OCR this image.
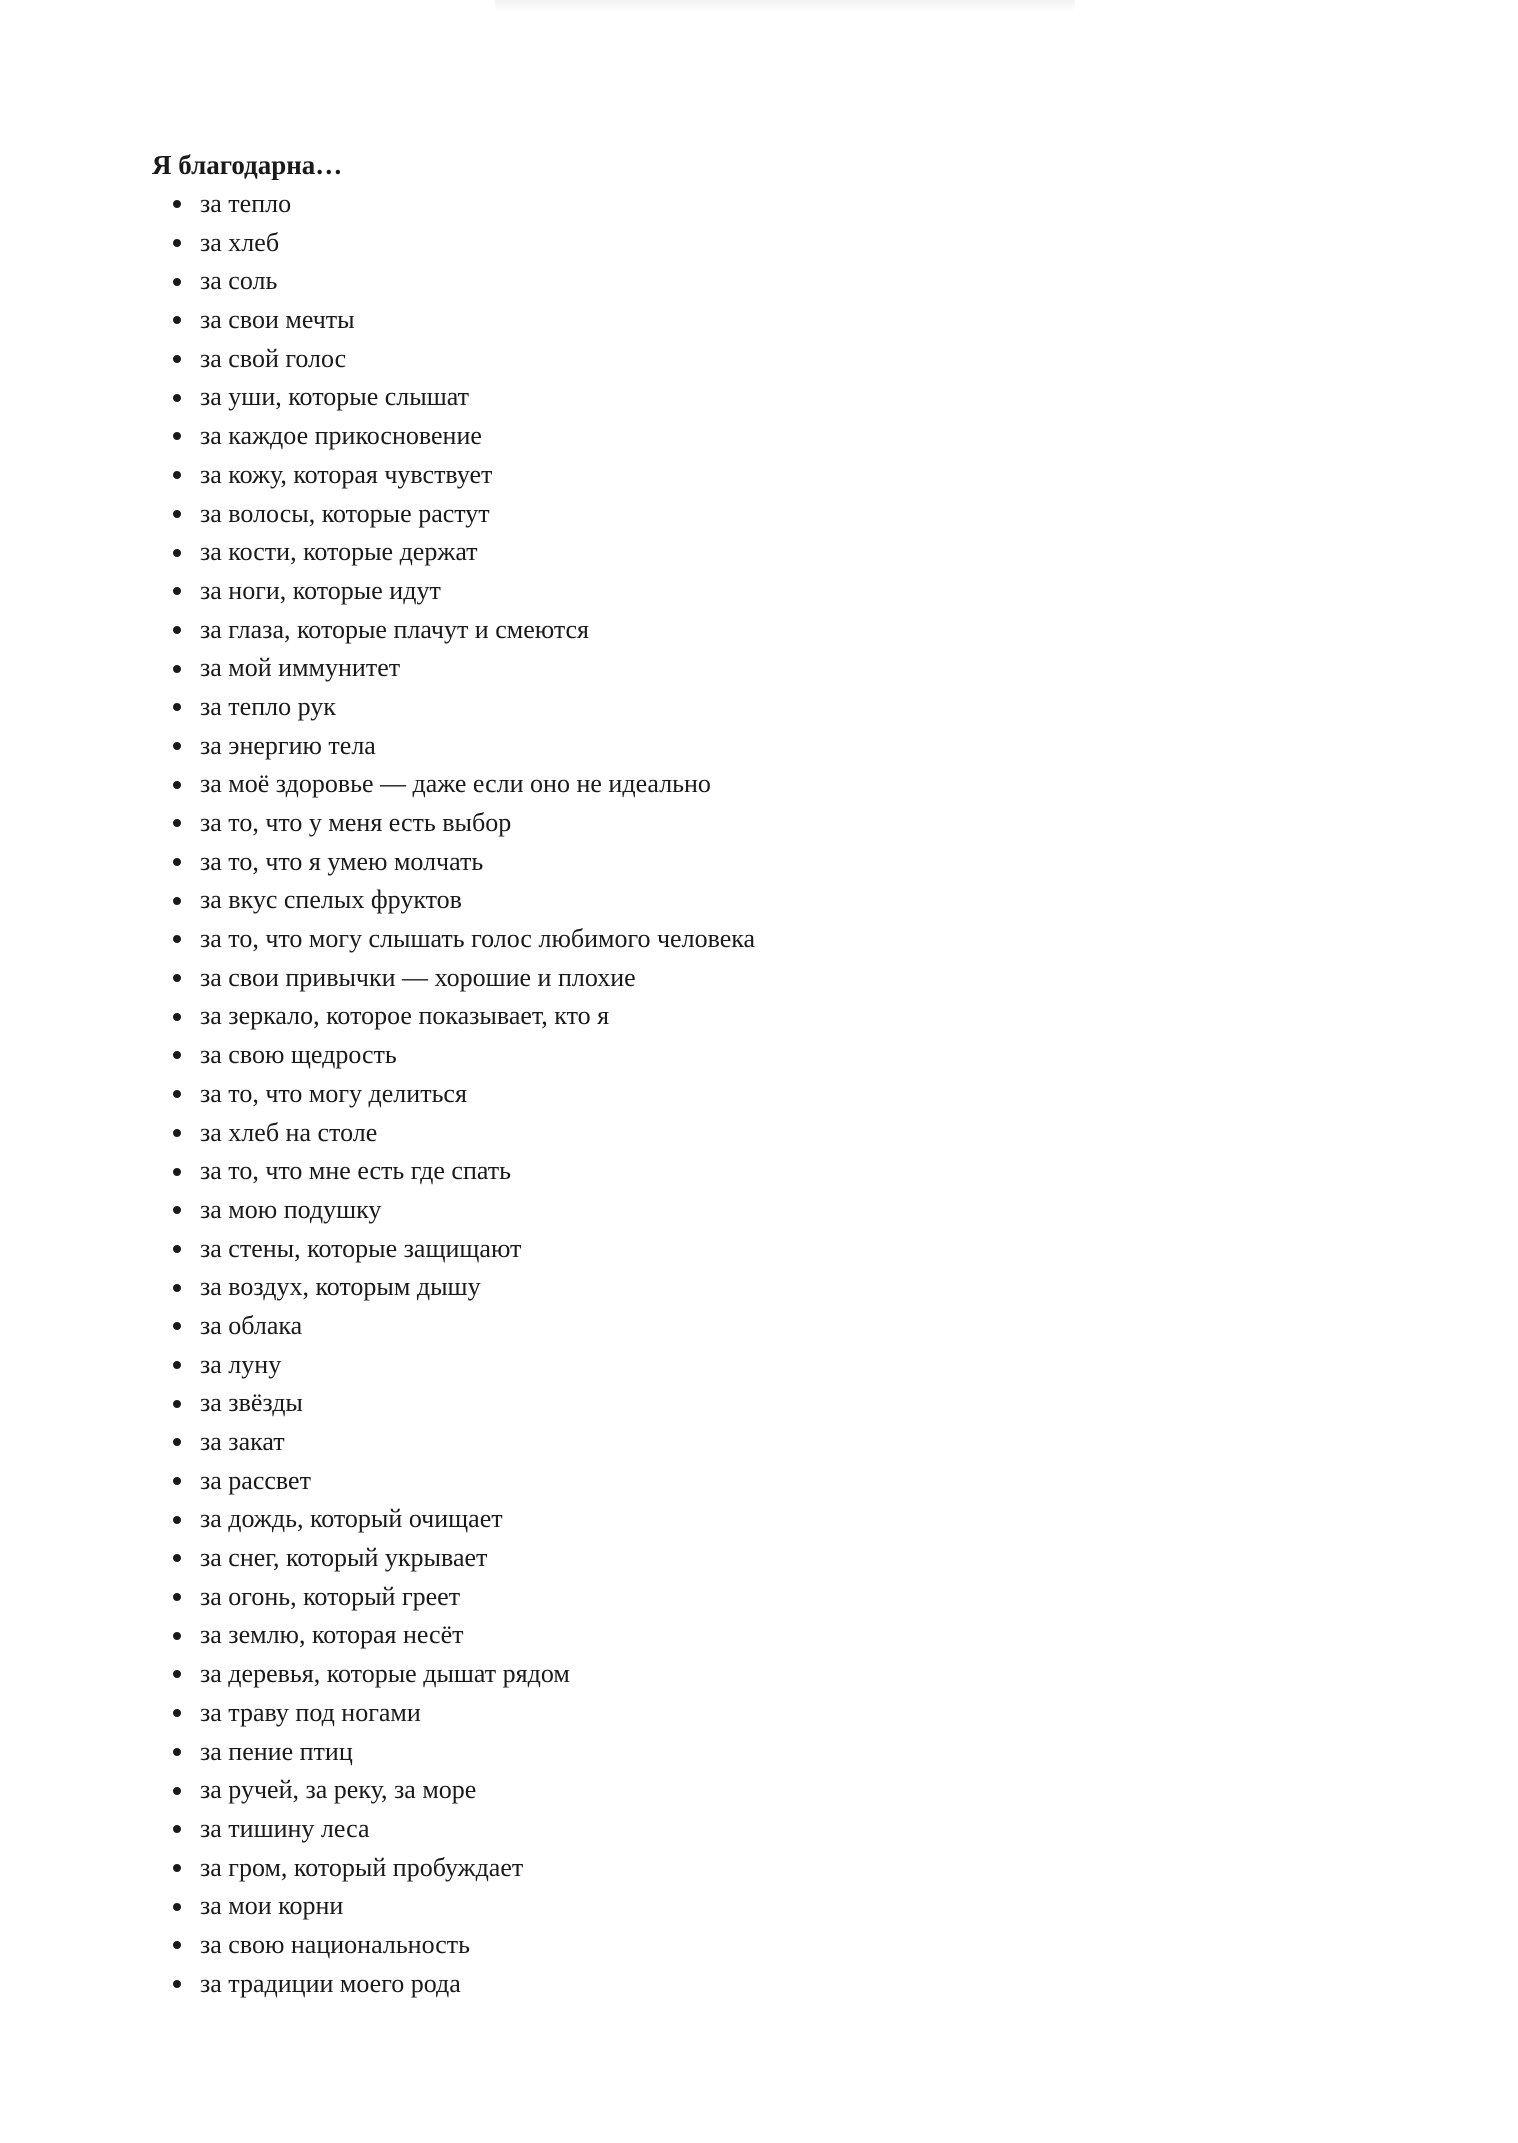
Я благодарна…
за тепло
за хлеб
за соль
за свои мечты
за свой голос
за уши, которые слышат
за каждое прикосновение
за кожу, которая чувствует
за волосы, которые растут
за кости, которые держат
за ноги, которые идут
за глаза, которые плачут и смеются
за мой иммунитет
за тепло рук
за энергию тела
за моё здоровье — даже если оно не идеально
за то, что у меня есть выбор
за то, что я умею молчать
за вкус спелых фруктов
за то, что могу слышать голос любимого человека
за свои привычки — хорошие и плохие
за зеркало, которое показывает, кто я
за свою щедрость
за то, что могу делиться
за хлеб на столе
за то, что мне есть где спать
за мою подушку
за стены, которые защищают
за воздух, которым дышу
за облака
за луну
за звёзды
за закат
за рассвет
за дождь, который очищает
за снег, который укрывает
за огонь, который греет
за землю, которая несёт
за деревья, которые дышат рядом
за траву под ногами
за пение птиц
за ручей, за реку, за море
за тишину леса
за гром, который пробуждает
за мои корни
за свою национальность
за традиции моего рода
